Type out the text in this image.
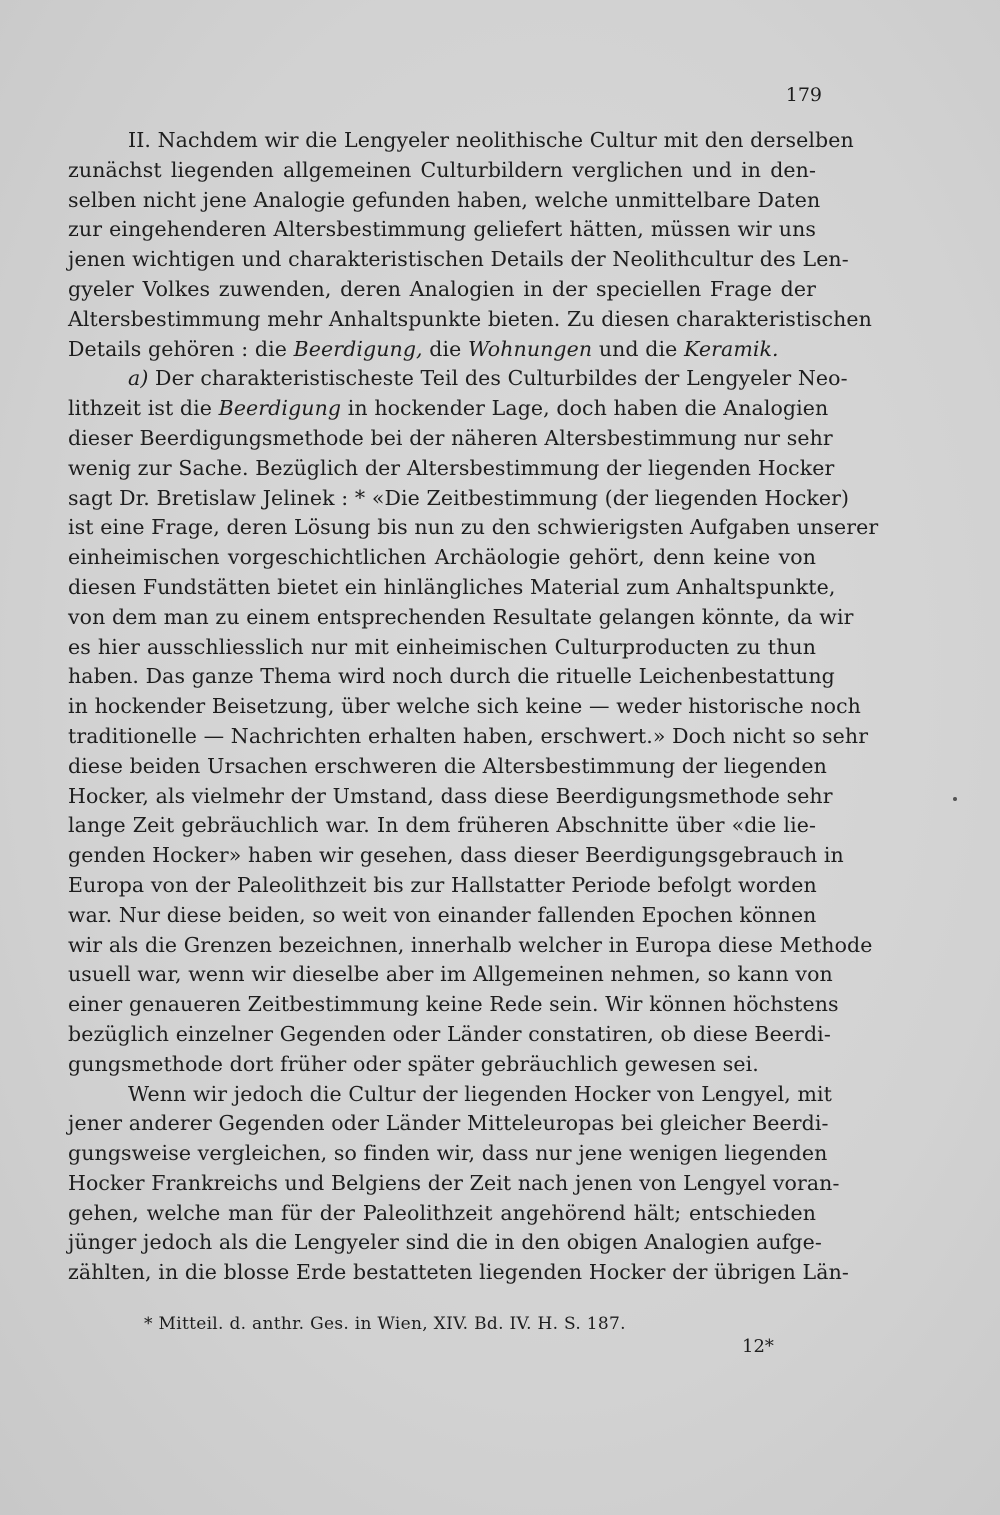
179
II. Nachdem wir die Lengyeler neolithische Cultur mit den derselben
zunächst liegenden allgemeinen Culturbildern verglichen und in den-
selben nicht jene Analogie gefunden haben, welche unmittelbare Daten
zur eingehenderen Altersbestimmung geliefert hätten, müssen wir uns
jenen wichtigen und charakteristischen Details der Neolithcultur des Len-
gyeler Volkes zuwenden, deren Analogien in der speciellen Frage der
Altersbestimmung mehr Anhaltspunkte bieten. Zu diesen charakteristischen
Details gehören : die Beerdigung, die Wohnungen und die Keramik.
a) Der charakteristischeste Teil des Culturbildes der Lengyeler Neo-
lithzeit ist die Beerdigung in hockender Lage, doch haben die Analogien
dieser Beerdigungsmethode bei der näheren Altersbestimmung nur sehr
wenig zur Sache. Bezüglich der Altersbestimmung der liegenden Hocker
sagt Dr. Bretislaw Jelinek : * «Die Zeitbestimmung (der liegenden Hocker)
ist eine Frage, deren Lösung bis nun zu den schwierigsten Aufgaben unserer
einheimischen vorgeschichtlichen Archäologie gehört, denn keine von
diesen Fundstätten bietet ein hinlängliches Material zum Anhaltspunkte,
von dem man zu einem entsprechenden Resultate gelangen könnte, da wir
es hier ausschliesslich nur mit einheimischen Culturproducten zu thun
haben. Das ganze Thema wird noch durch die rituelle Leichenbestattung
in hockender Beisetzung, über welche sich keine — weder historische noch
traditionelle — Nachrichten erhalten haben, erschwert.» Doch nicht so sehr
diese beiden Ursachen erschweren die Altersbestimmung der liegenden
Hocker, als vielmehr der Umstand, dass diese Beerdigungsmethode sehr
lange Zeit gebräuchlich war. In dem früheren Abschnitte über «die lie-
genden Hocker» haben wir gesehen, dass dieser Beerdigungsgebrauch in
Europa von der Paleolithzeit bis zur Hallstatter Periode befolgt worden
war. Nur diese beiden, so weit von einander fallenden Epochen können
wir als die Grenzen bezeichnen, innerhalb welcher in Europa diese Methode
usuell war, wenn wir dieselbe aber im Allgemeinen nehmen, so kann von
einer genaueren Zeitbestimmung keine Rede sein. Wir können höchstens
bezüglich einzelner Gegenden oder Länder constatiren, ob diese Beerdi-
gungsmethode dort früher oder später gebräuchlich gewesen sei.
Wenn wir jedoch die Cultur der liegenden Hocker von Lengyel, mit
jener anderer Gegenden oder Länder Mitteleuropas bei gleicher Beerdi-
gungsweise vergleichen, so finden wir, dass nur jene wenigen liegenden
Hocker Frankreichs und Belgiens der Zeit nach jenen von Lengyel voran-
gehen, welche man für der Paleolithzeit angehörend hält; entschieden
jünger jedoch als die Lengyeler sind die in den obigen Analogien aufge-
zählten, in die blosse Erde bestatteten liegenden Hocker der übrigen Län-
* Mitteil. d. anthr. Ges. in Wien, XIV. Bd. IV. H. S. 187.
12*
